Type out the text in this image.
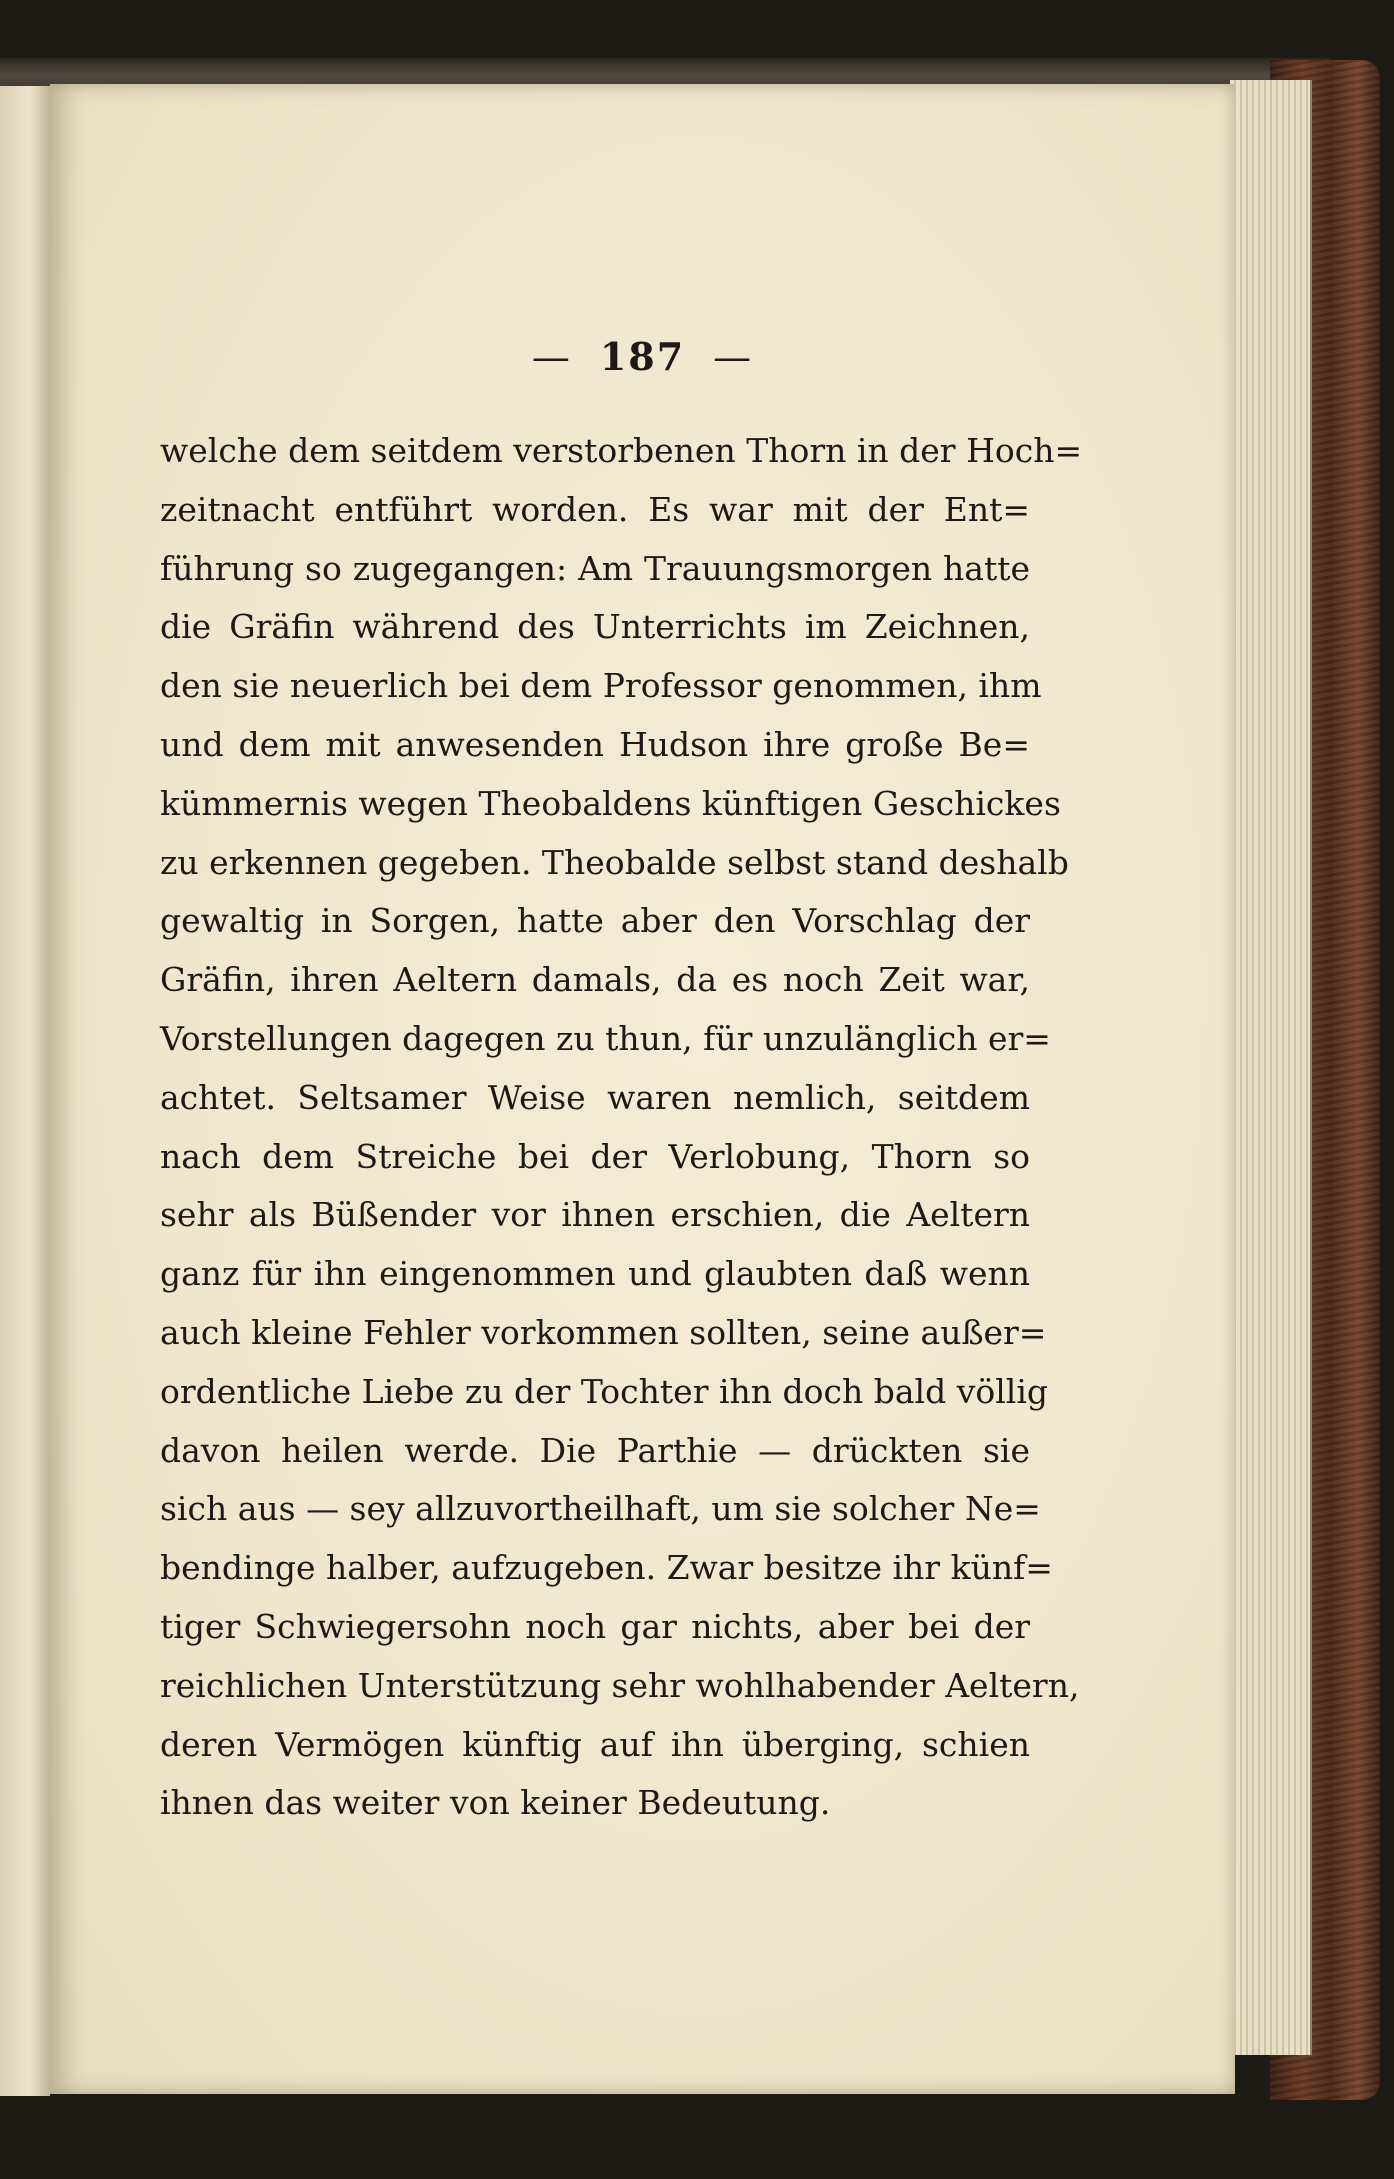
— 187 —
welche dem seitdem verstorbenen Thorn in der Hoch=
zeitnacht entführt worden. Es war mit der Ent=
führung so zugegangen: Am Trauungsmorgen hatte
die Gräfin während des Unterrichts im Zeichnen,
den sie neuerlich bei dem Professor genommen, ihm
und dem mit anwesenden Hudson ihre große Be=
kümmernis wegen Theobaldens künftigen Geschickes
zu erkennen gegeben. Theobalde selbst stand deshalb
gewaltig in Sorgen, hatte aber den Vorschlag der
Gräfin, ihren Aeltern damals, da es noch Zeit war,
Vorstellungen dagegen zu thun, für unzulänglich er=
achtet. Seltsamer Weise waren nemlich, seitdem
nach dem Streiche bei der Verlobung, Thorn so
sehr als Büßender vor ihnen erschien, die Aeltern
ganz für ihn eingenommen und glaubten daß wenn
auch kleine Fehler vorkommen sollten, seine außer=
ordentliche Liebe zu der Tochter ihn doch bald völlig
davon heilen werde. Die Parthie — drückten sie
sich aus — sey allzuvortheilhaft, um sie solcher Ne=
bendinge halber, aufzugeben. Zwar besitze ihr künf=
tiger Schwiegersohn noch gar nichts, aber bei der
reichlichen Unterstützung sehr wohlhabender Aeltern,
deren Vermögen künftig auf ihn überging, schien
ihnen das weiter von keiner Bedeutung.
